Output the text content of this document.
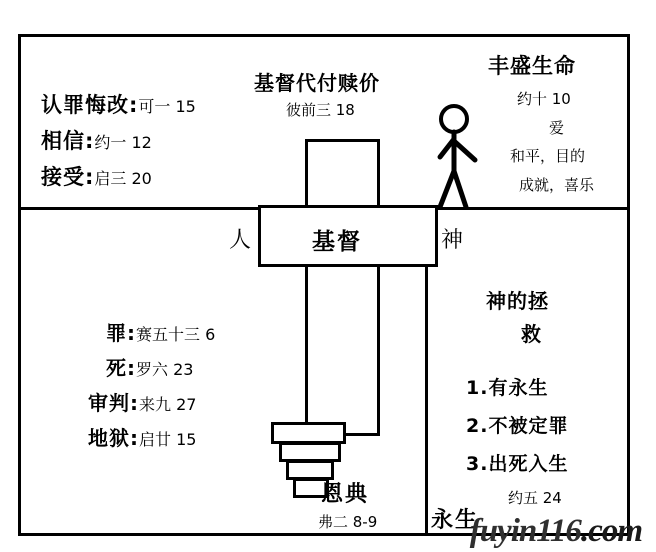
认罪悔改:可一 15
相信:约一 12
接受:启三 20
基督代付赎价
彼前三 18
丰盛生命
约十 10
爱
和平，目的
成就，喜乐
基督
人	神
恩典
弗二 8-9
罪:赛五十三 6
死:罗六 23
审判:来九 27
地狱:启廿 15
神的拯
救
1.有永生
2.不被定罪
3.出死入生
约五 24
永生
fuyin116.com
